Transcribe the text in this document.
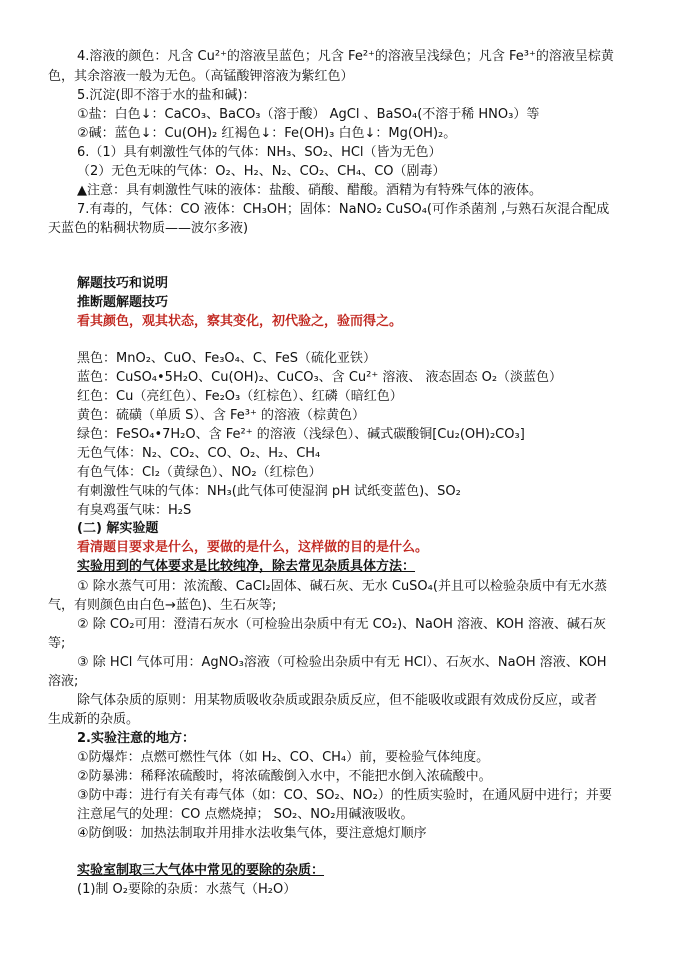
4.溶液的颜色：凡含 Cu²⁺的溶液呈蓝色；凡含 Fe²⁺的溶液呈浅绿色；凡含 Fe³⁺的溶液呈棕黄
色，其余溶液一般为无色。（高锰酸钾溶液为紫红色）
5.沉淀(即不溶于水的盐和碱)：
①盐：白色↓：CaCO₃、BaCO₃（溶于酸） AgCl 、BaSO₄(不溶于稀 HNO₃）等
②碱：蓝色↓：Cu(OH)₂ 红褐色↓：Fe(OH)₃ 白色↓：Mg(OH)₂。
6.（1）具有刺激性气体的气体：NH₃、SO₂、HCl（皆为无色）
（2）无色无味的气体：O₂、H₂、N₂、CO₂、CH₄、CO（剧毒）
▲注意：具有刺激性气味的液体：盐酸、硝酸、醋酸。酒精为有特殊气体的液体。
7.有毒的，气体：CO 液体：CH₃OH；固体：NaNO₂ CuSO₄(可作杀菌剂 ,与熟石灰混合配成
天蓝色的粘稠状物质——波尔多液)
解题技巧和说明
推断题解题技巧
看其颜色，观其状态，察其变化，初代验之，验而得之。
黑色：MnO₂、CuO、Fe₃O₄、C、FeS（硫化亚铁）
蓝色：CuSO₄•5H₂O、Cu(OH)₂、CuCO₃、含 Cu²⁺ 溶液、 液态固态 O₂（淡蓝色）
红色：Cu（亮红色）、Fe₂O₃（红棕色）、红磷（暗红色）
黄色：硫磺（单质 S）、含 Fe³⁺ 的溶液（棕黄色）
绿色：FeSO₄•7H₂O、含 Fe²⁺ 的溶液（浅绿色）、碱式碳酸铜[Cu₂(OH)₂CO₃]
无色气体：N₂、CO₂、CO、O₂、H₂、CH₄
有色气体：Cl₂（黄绿色）、NO₂（红棕色）
有刺激性气味的气体：NH₃(此气体可使湿润 pH 试纸变蓝色)、SO₂
有臭鸡蛋气味：H₂S
(二) 解实验题
看清题目要求是什么，要做的是什么，这样做的目的是什么。
实验用到的气体要求是比较纯净，除去常见杂质具体方法：
① 除水蒸气可用：浓流酸、CaCl₂固体、碱石灰、无水 CuSO₄(并且可以检验杂质中有无水蒸
气，有则颜色由白色→蓝色)、生石灰等;
② 除 CO₂可用：澄清石灰水（可检验出杂质中有无 CO₂)、NaOH 溶液、KOH 溶液、碱石灰
等;
③ 除 HCl 气体可用：AgNO₃溶液（可检验出杂质中有无 HCl）、石灰水、NaOH 溶液、KOH
溶液;
除气体杂质的原则：用某物质吸收杂质或跟杂质反应，但不能吸收或跟有效成份反应，或者
生成新的杂质。
2.实验注意的地方：
①防爆炸：点燃可燃性气体（如 H₂、CO、CH₄）前，要检验气体纯度。
②防暴沸：稀释浓硫酸时，将浓硫酸倒入水中，不能把水倒入浓硫酸中。
③防中毒：进行有关有毒气体（如：CO、SO₂、NO₂）的性质实验时，在通风厨中进行；并要
注意尾气的处理：CO 点燃烧掉； SO₂、NO₂用碱液吸收。
④防倒吸：加热法制取并用排水法收集气体，要注意熄灯顺序
实验室制取三大气体中常见的要除的杂质：
(1)制 O₂要除的杂质：水蒸气（H₂O）
